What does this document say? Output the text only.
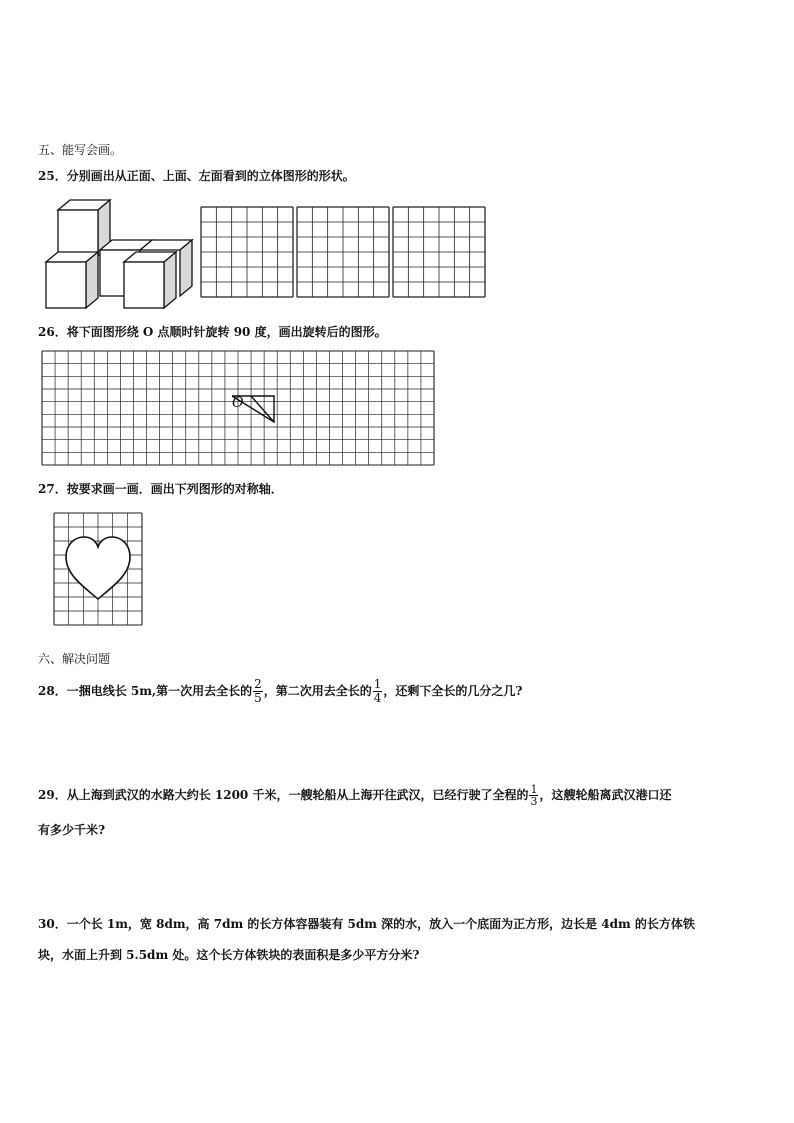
五、能写会画。
25．分别画出从正面、上面、左面看到的立体图形的形状。
26．将下面图形绕 O 点顺时针旋转 90 度，画出旋转后的图形。
O
27．按要求画一画．画出下列图形的对称轴．
六、解决问题
28．一捆电线长 5m,第一次用去全长的 $\frac{2}{5}$ ，第二次用去全长的 $\frac{1}{4}$ ，还剩下全长的几分之几?
29．从上海到武汉的水路大约长 1200 千米，一艘轮船从上海开往武汉，已经行驶了全程的 $\frac{1}{3}$ ，这艘轮船离武汉港口还
有多少千米?
30．一个长 1m，宽 8dm，高 7dm 的长方体容器装有 5dm 深的水，放入一个底面为正方形，边长是 4dm 的长方体铁
块，水面上升到 5.5dm 处。这个长方体铁块的表面积是多少平方分米?
